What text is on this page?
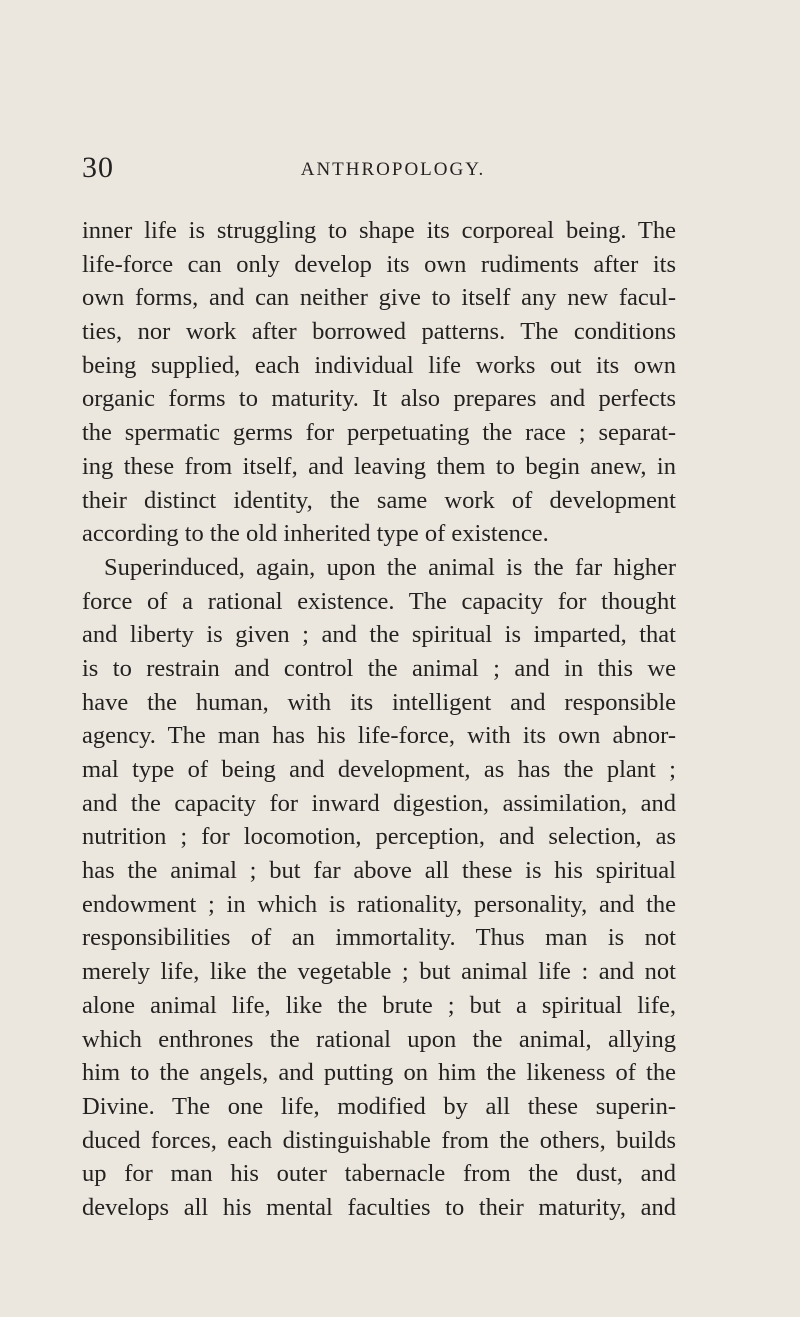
30	ANTHROPOLOGY.
inner life is struggling to shape its corporeal being. The
life-force can only develop its own rudiments after its
own forms, and can neither give to itself any new facul-
ties, nor work after borrowed patterns. The conditions
being supplied, each individual life works out its own
organic forms to maturity. It also prepares and perfects
the spermatic germs for perpetuating the race ; separat-
ing these from itself, and leaving them to begin anew, in
their distinct identity, the same work of development
according to the old inherited type of existence.
Superinduced, again, upon the animal is the far higher
force of a rational existence. The capacity for thought
and liberty is given ; and the spiritual is imparted, that
is to restrain and control the animal ; and in this we
have the human, with its intelligent and responsible
agency. The man has his life-force, with its own abnor-
mal type of being and development, as has the plant ;
and the capacity for inward digestion, assimilation, and
nutrition ; for locomotion, perception, and selection, as
has the animal ; but far above all these is his spiritual
endowment ; in which is rationality, personality, and the
responsibilities of an immortality. Thus man is not
merely life, like the vegetable ; but animal life : and not
alone animal life, like the brute ; but a spiritual life,
which enthrones the rational upon the animal, allying
him to the angels, and putting on him the likeness of the
Divine. The one life, modified by all these superin-
duced forces, each distinguishable from the others, builds
up for man his outer tabernacle from the dust, and
develops all his mental faculties to their maturity, and
